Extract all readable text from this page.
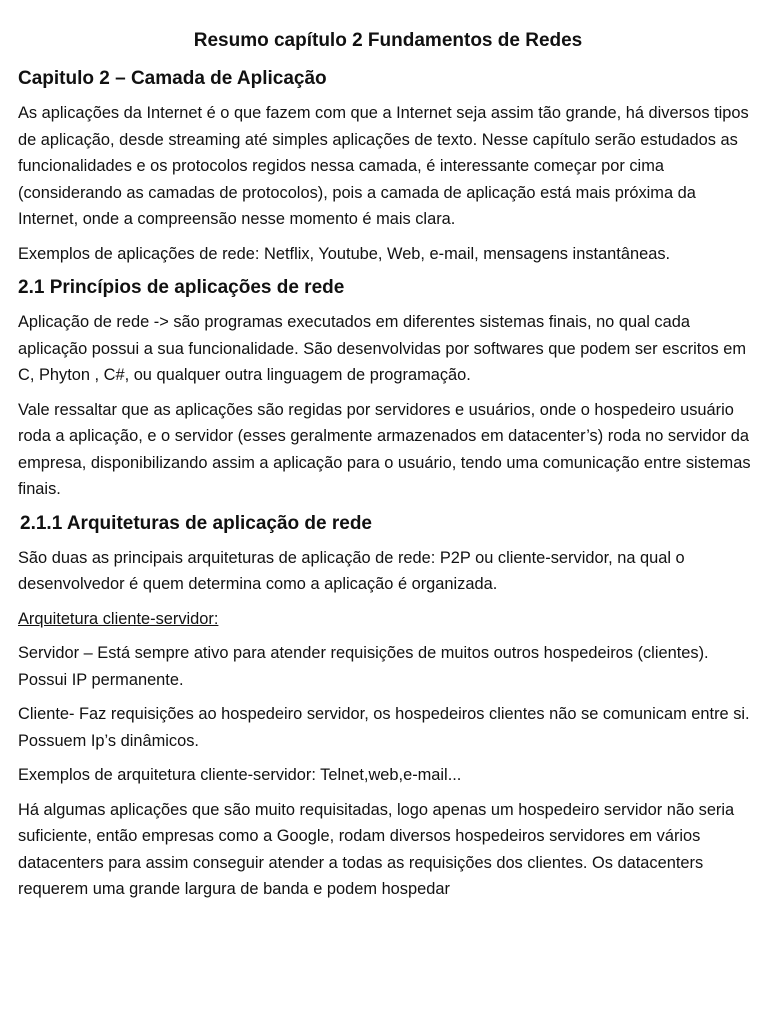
Resumo capítulo 2 Fundamentos de Redes
Capitulo 2 – Camada de Aplicação

As aplicações da Internet é o que fazem com que a Internet seja assim tão grande, há diversos tipos de aplicação, desde streaming até simples aplicações de texto. Nesse capítulo serão estudados as funcionalidades e os protocolos regidos nessa camada, é interessante começar por cima (considerando as camadas de protocolos), pois a camada de aplicação está mais próxima da Internet, onde a compreensão nesse momento é mais clara.

Exemplos de aplicações de rede: Netflix, Youtube, Web, e-mail, mensagens instantâneas.

2.1 Princípios de aplicações de rede

Aplicação de rede -> são programas executados em diferentes sistemas finais, no qual cada aplicação possui a sua funcionalidade. São desenvolvidas por softwares que podem ser escritos em C, Phyton , C#, ou qualquer outra linguagem de programação.

Vale ressaltar que as aplicações são regidas por servidores e usuários, onde o hospedeiro usuário roda a aplicação, e o servidor (esses geralmente armazenados em datacenter’s) roda no servidor da empresa, disponibilizando assim a aplicação para o usuário, tendo uma comunicação entre sistemas finais.

2.1.1 Arquiteturas de aplicação de rede

São duas as principais arquiteturas de aplicação de rede: P2P ou cliente-servidor, na qual o desenvolvedor é quem determina como a aplicação é organizada.

Arquitetura cliente-servidor:

Servidor – Está sempre ativo para atender requisições de muitos outros hospedeiros (clientes). Possui IP permanente.

Cliente- Faz requisições ao hospedeiro servidor, os hospedeiros clientes não se comunicam entre si. Possuem Ip’s dinâmicos.

Exemplos de arquitetura cliente-servidor: Telnet,web,e-mail...

Há algumas aplicações que são muito requisitadas, logo apenas um hospedeiro servidor não seria suficiente, então empresas como a Google, rodam diversos hospedeiros servidores em vários datacenters para assim conseguir atender a todas as requisições dos clientes. Os datacenters requerem uma grande largura de banda e podem hospedar
